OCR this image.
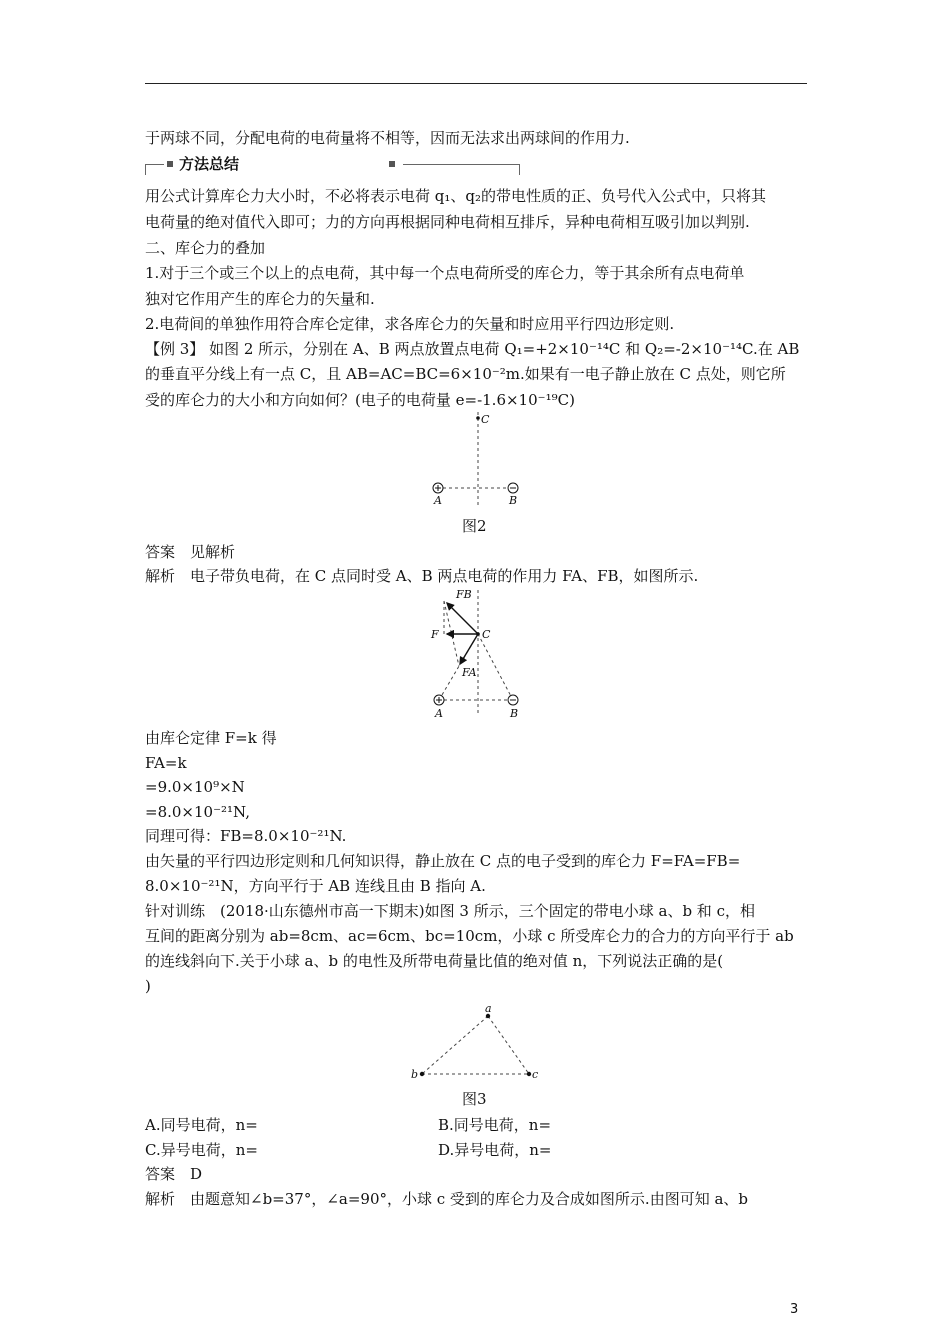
于两球不同，分配电荷的电荷量将不相等，因而无法求出两球间的作用力.
方法总结
用公式计算库仑力大小时，不必将表示电荷 q₁、q₂的带电性质的正、负号代入公式中，只将其
电荷量的绝对值代入即可；力的方向再根据同种电荷相互排斥，异种电荷相互吸引加以判别.
二、库仑力的叠加
1.对于三个或三个以上的点电荷，其中每一个点电荷所受的库仑力，等于其余所有点电荷单
独对它作用产生的库仑力的矢量和.
2.电荷间的单独作用符合库仑定律，求各库仑力的矢量和时应用平行四边形定则.
【例 3】 如图 2 所示，分别在 A、B 两点放置点电荷 Q₁=+2×10⁻¹⁴C 和 Q₂=-2×10⁻¹⁴C.在 AB
的垂直平分线上有一点 C，且 AB=AC=BC=6×10⁻²m.如果有一电子静止放在 C 点处，则它所
受的库仑力的大小和方向如何？(电子的电荷量 e=-1.6×10⁻¹⁹C)
C
A	B
图2
答案　见解析
解析　电子带负电荷，在 C 点同时受 A、B 两点电荷的作用力 FA、FB，如图所示.
FB
F	C
FA
A	B
由库仑定律 F=k 得
FA=k
=9.0×10⁹×N
=8.0×10⁻²¹N,
同理可得：FB=8.0×10⁻²¹N.
由矢量的平行四边形定则和几何知识得，静止放在 C 点的电子受到的库仑力 F=FA=FB=
8.0×10⁻²¹N，方向平行于 AB 连线且由 B 指向 A.
针对训练　(2018·山东德州市高一下期末)如图 3 所示，三个固定的带电小球 a、b 和 c，相
互间的距离分别为 ab=8cm、ac=6cm、bc=10cm，小球 c 所受库仑力的合力的方向平行于 ab
的连线斜向下.关于小球 a、b 的电性及所带电荷量比值的绝对值 n，下列说法正确的是(
)
a
b	c
图3
A.同号电荷，n=	B.同号电荷，n=
C.异号电荷，n=	D.异号电荷，n=
答案　D
解析　由题意知∠b=37°，∠a=90°，小球 c 受到的库仑力及合成如图所示.由图可知 a、b
3
